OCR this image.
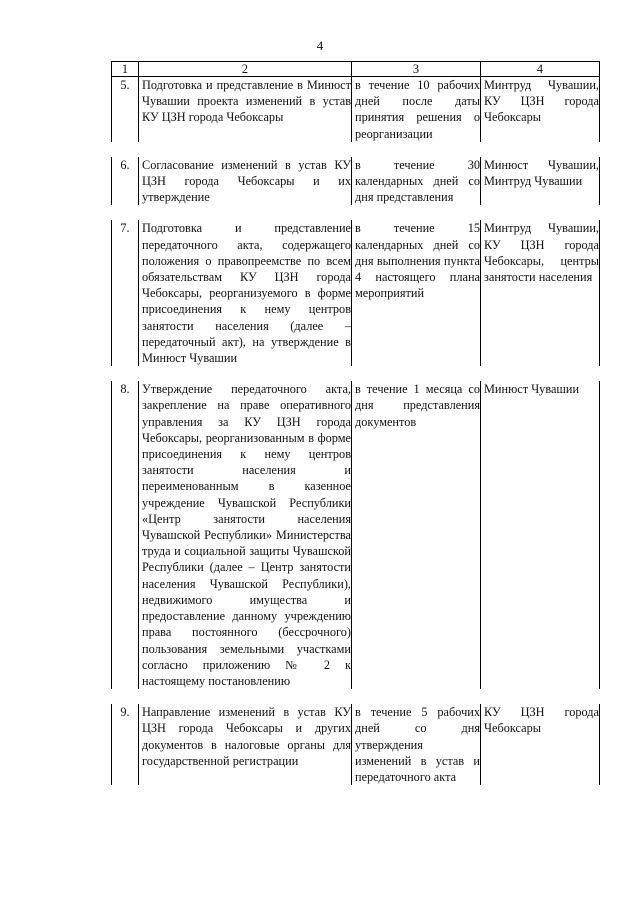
4
1	2	3	4
5.	Подготовка и представление в Минюст Чувашии проекта изменений в устав КУ ЦЗН города Чебоксары	в течение 10 рабочих дней после даты принятия решения о реорганизации	Минтруд Чувашии, КУ ЦЗН города Чебоксары

6.	Согласование изменений в устав КУ ЦЗН города Чебоксары и их утверждение	в течение 30 календарных дней со дня представления	Минюст Чувашии, Минтруд Чувашии

7.	Подготовка и представление передаточного акта, содержащего положения о правопреемстве по всем обязательствам КУ ЦЗН города Чебоксары, реорганизуемого в форме присоединения к нему центров занятости населения (далее – передаточный акт), на утверждение в Минюст Чувашии	в течение 15 календарных дней со дня выполнения пункта 4 настоящего плана мероприятий	Минтруд Чувашии, КУ ЦЗН города Чебоксары, центры занятости населения

8.	Утверждение передаточного акта, закрепление на праве оперативного управления за КУ ЦЗН города Чебоксары, реорганизованным в форме присоединения к нему центров занятости населения и переименованным в казенное учреждение Чувашской Республики «Центр занятости населения Чувашской Республики» Министерства труда и социальной защиты Чувашской Республики (далее – Центр занятости населения Чувашской Республики), недвижимого имущества и предоставление данному учреждению права постоянного (бессрочного) пользования земельными участками согласно приложению № 2 к настоящему постановлению	в течение 1 месяца со дня представления документов	Минюст Чувашии

9.	Направление изменений в устав КУ ЦЗН города Чебоксары и других документов в налоговые органы для государственной регистрации	в течение 5 рабочих дней со дня утверждения изменений в устав и передаточного акта	КУ ЦЗН города Чебоксары
